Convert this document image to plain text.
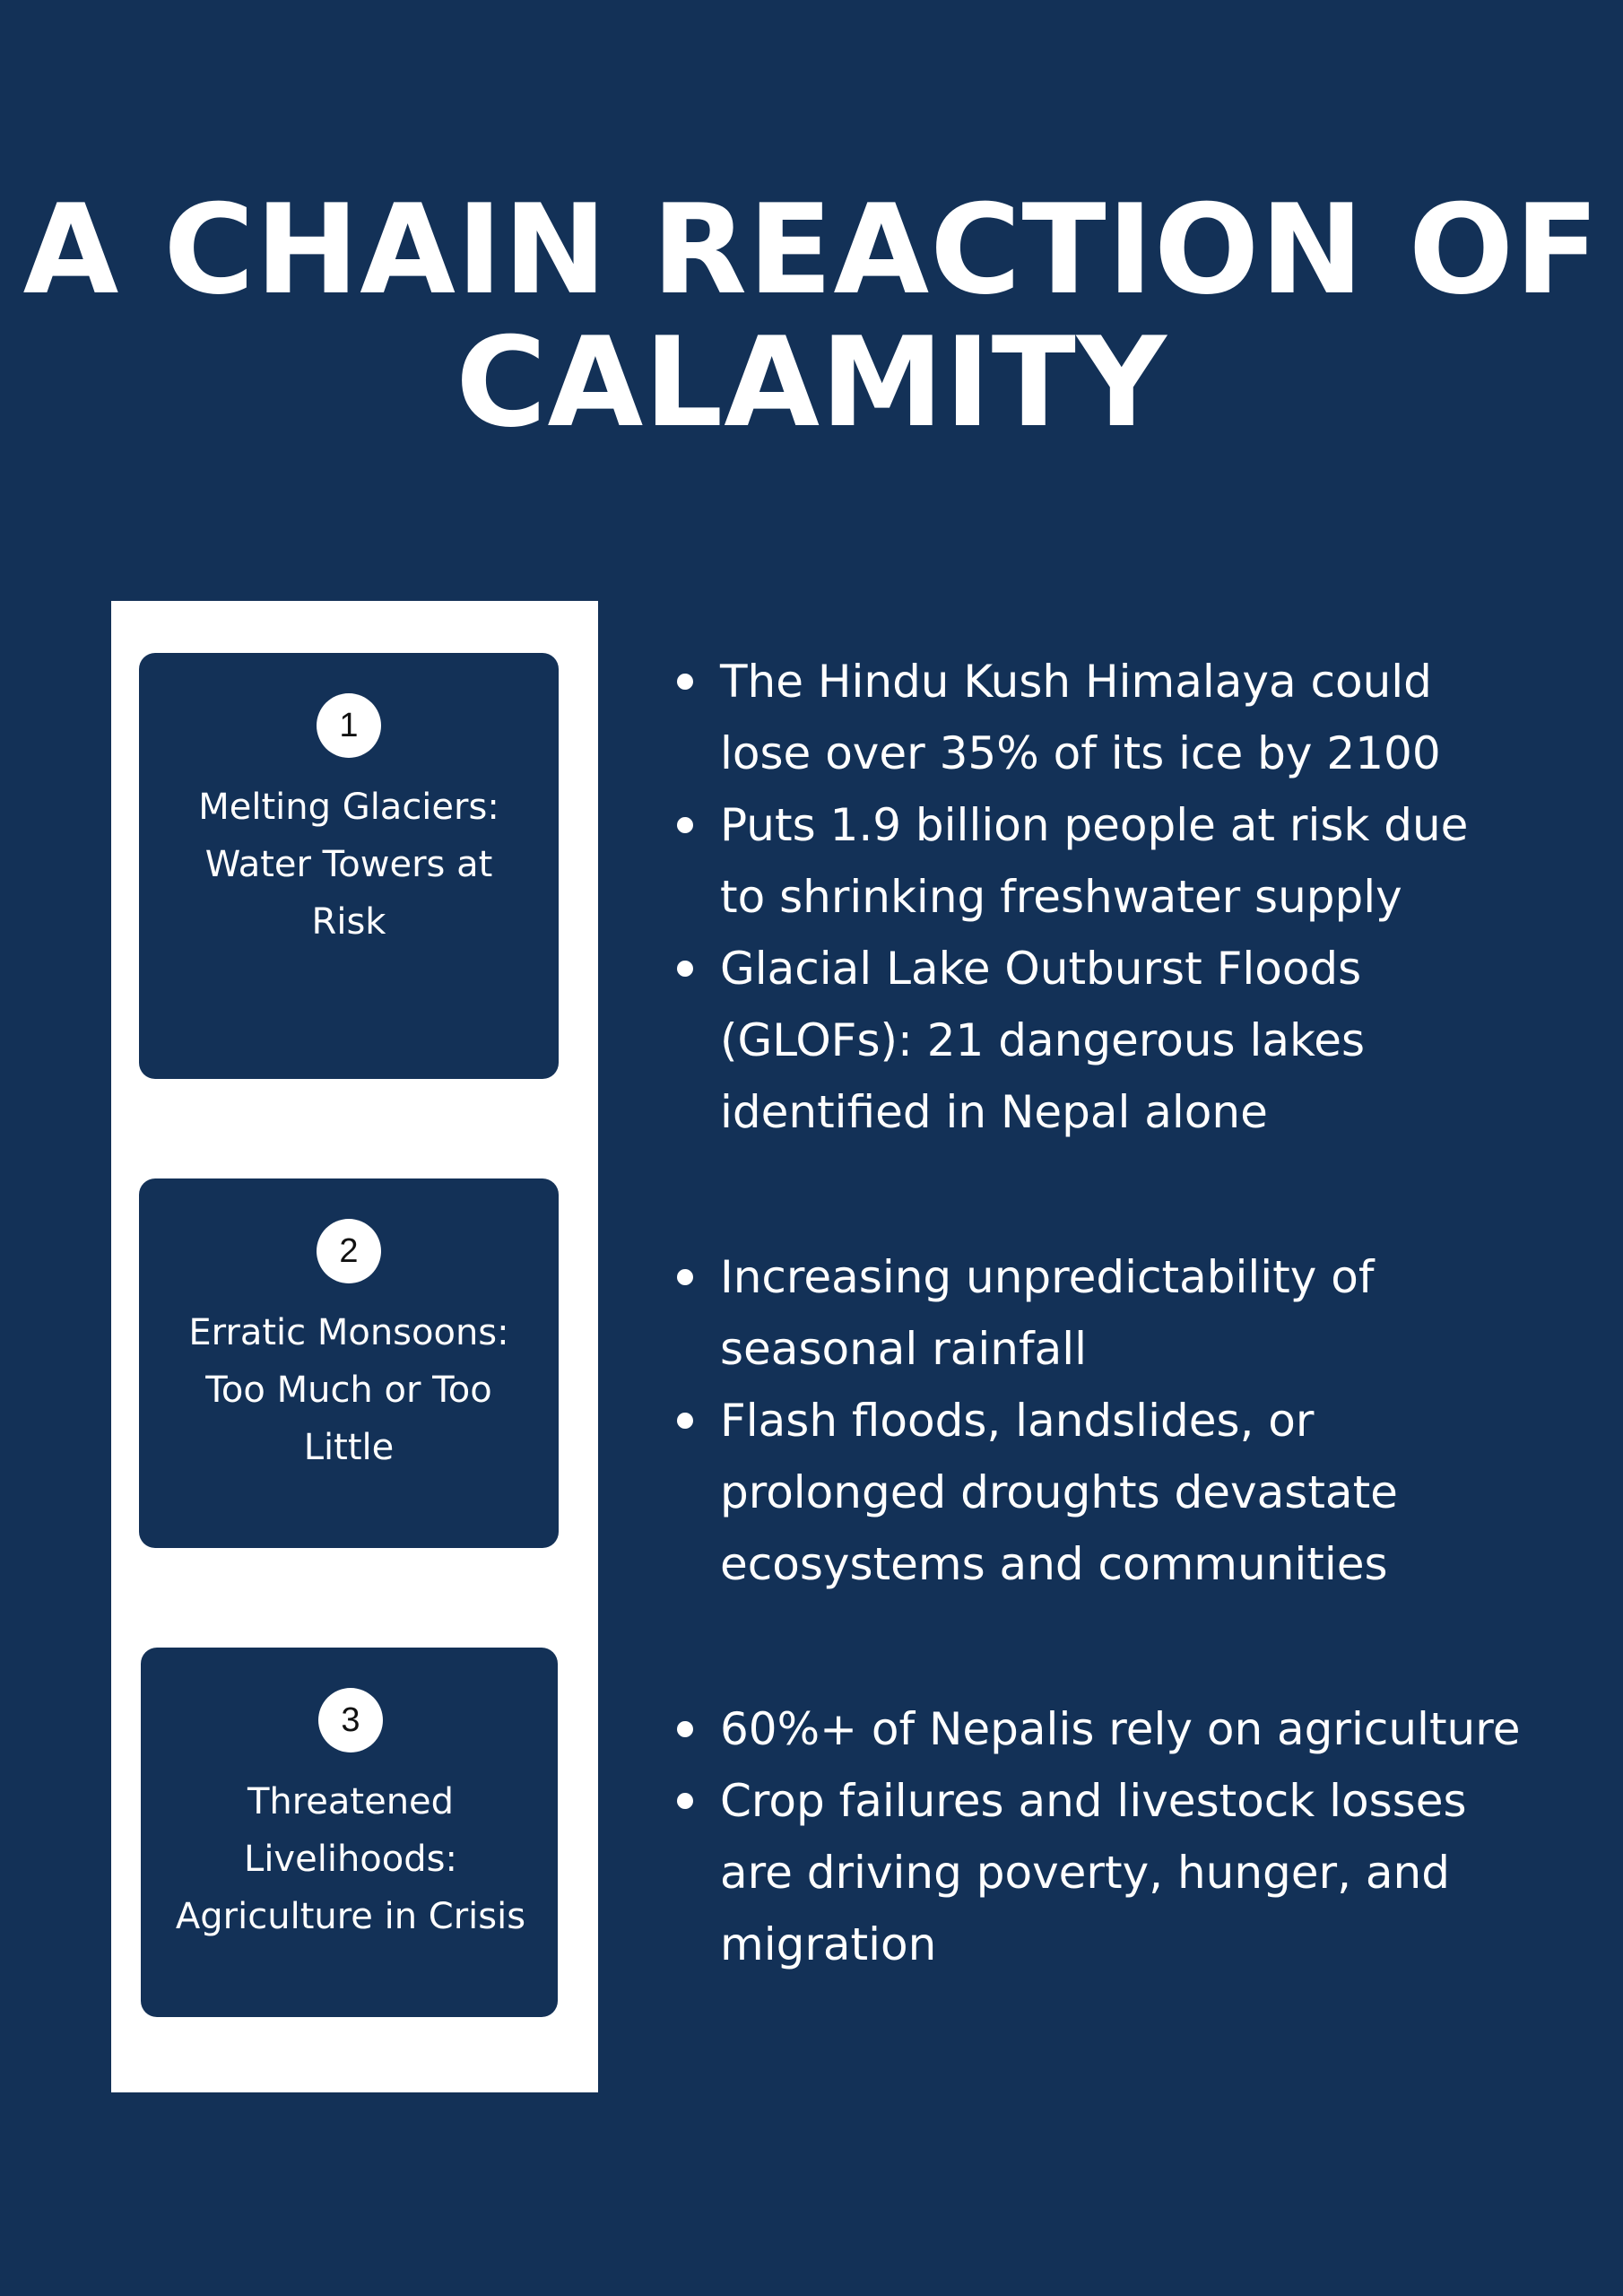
A CHAIN REACTION OF
CALAMITY
1
Melting Glaciers:
Water Towers at
Risk
2
Erratic Monsoons:
Too Much or Too
Little
3
Threatened
Livelihoods:
Agriculture in Crisis
The Hindu Kush Himalaya could
lose over 35% of its ice by 2100
Puts 1.9 billion people at risk due
to shrinking freshwater supply
Glacial Lake Outburst Floods
(GLOFs): 21 dangerous lakes
identified in Nepal alone
Increasing unpredictability of
seasonal rainfall
Flash floods, landslides, or
prolonged droughts devastate
ecosystems and communities
60%+ of Nepalis rely on agriculture
Crop failures and livestock losses
are driving poverty, hunger, and
migration
